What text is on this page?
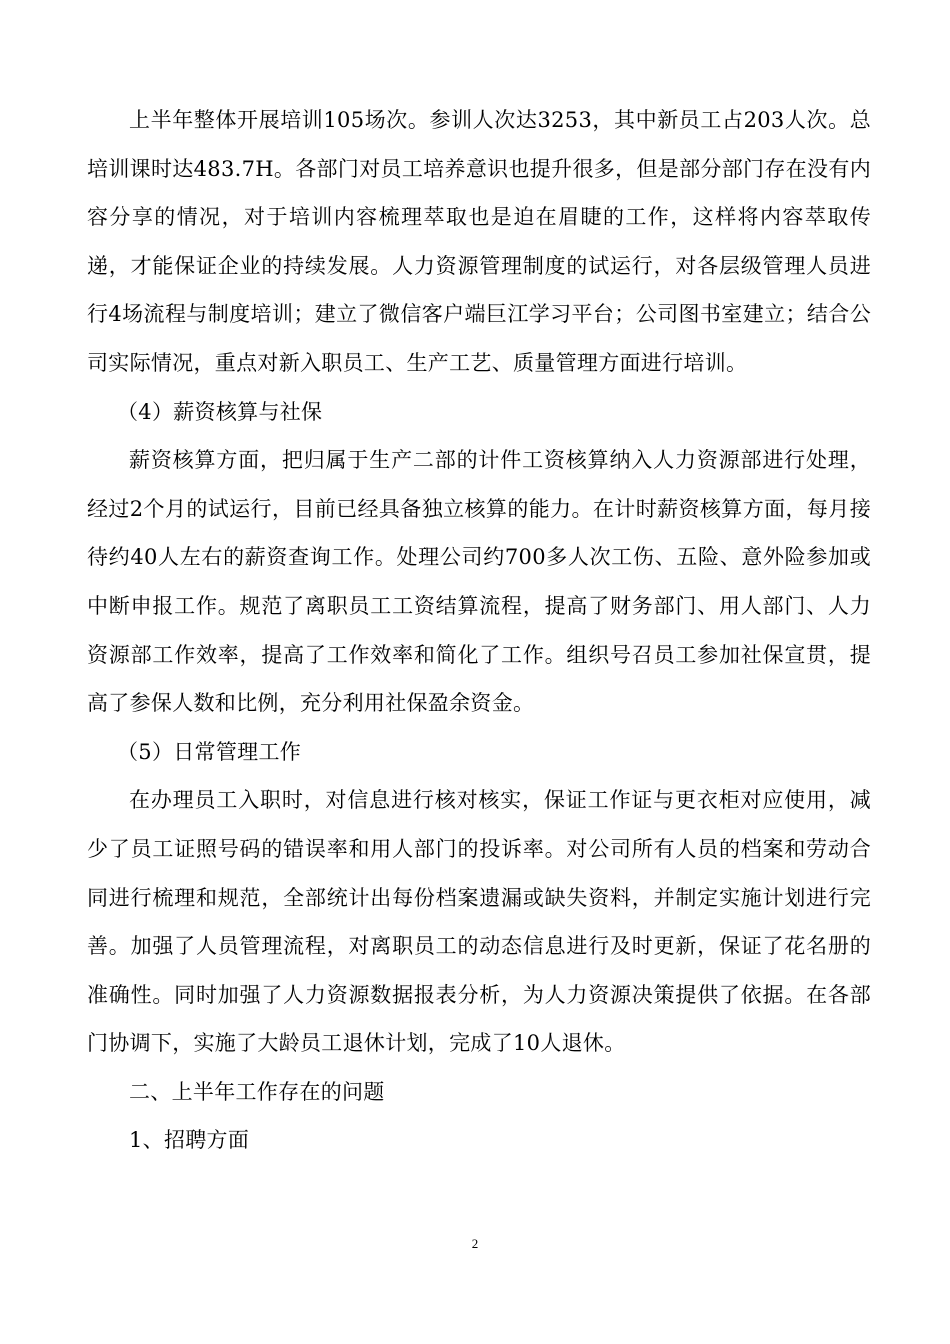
上半年整体开展培训105场次。参训人次达3253，其中新员工占203人次。总培训课时达483.7H。各部门对员工培养意识也提升很多，但是部分部门存在没有内容分享的情况，对于培训内容梳理萃取也是迫在眉睫的工作，这样将内容萃取传递，才能保证企业的持续发展。人力资源管理制度的试运行，对各层级管理人员进行4场流程与制度培训；建立了微信客户端巨江学习平台；公司图书室建立；结合公司实际情况，重点对新入职员工、生产工艺、质量管理方面进行培训。

（4）薪资核算与社保

薪资核算方面，把归属于生产二部的计件工资核算纳入人力资源部进行处理，经过2个月的试运行，目前已经具备独立核算的能力。在计时薪资核算方面，每月接待约40人左右的薪资查询工作。处理公司约700多人次工伤、五险、意外险参加或中断申报工作。规范了离职员工工资结算流程，提高了财务部门、用人部门、人力资源部工作效率，提高了工作效率和简化了工作。组织号召员工参加社保宣贯，提高了参保人数和比例，充分利用社保盈余资金。

（5）日常管理工作

在办理员工入职时，对信息进行核对核实，保证工作证与更衣柜对应使用，减少了员工证照号码的错误率和用人部门的投诉率。对公司所有人员的档案和劳动合同进行梳理和规范，全部统计出每份档案遗漏或缺失资料，并制定实施计划进行完善。加强了人员管理流程，对离职员工的动态信息进行及时更新，保证了花名册的准确性。同时加强了人力资源数据报表分析，为人力资源决策提供了依据。在各部门协调下，实施了大龄员工退休计划，完成了10人退休。

二、上半年工作存在的问题

1、招聘方面

2
